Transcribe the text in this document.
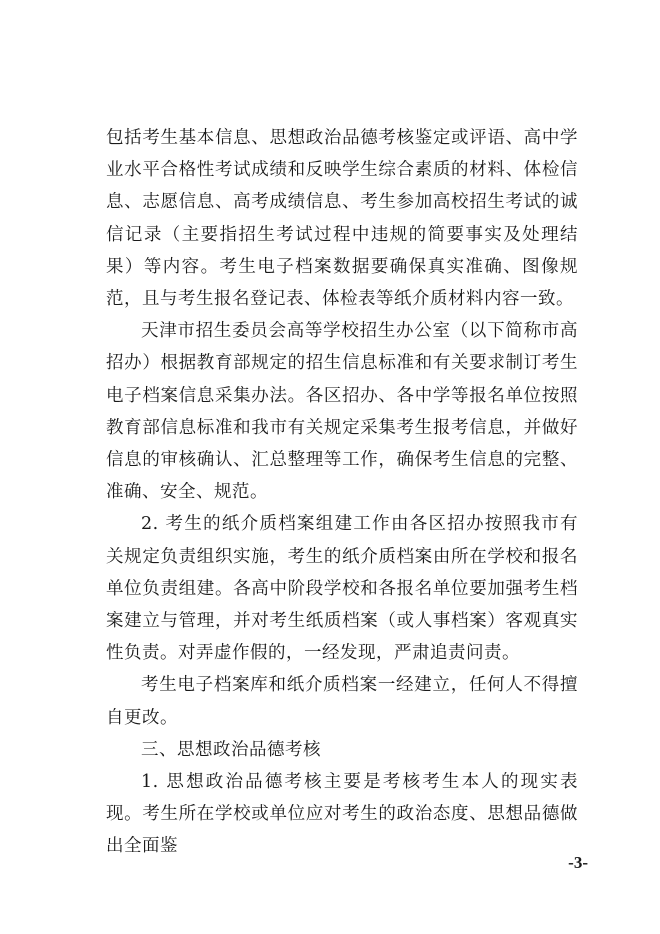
包括考生基本信息、思想政治品德考核鉴定或评语、高中学业水平合格性考试成绩和反映学生综合素质的材料、体检信息、志愿信息、高考成绩信息、考生参加高校招生考试的诚信记录（主要指招生考试过程中违规的简要事实及处理结果）等内容。考生电子档案数据要确保真实准确、图像规范，且与考生报名登记表、体检表等纸介质材料内容一致。

天津市招生委员会高等学校招生办公室（以下简称市高招办）根据教育部规定的招生信息标准和有关要求制订考生电子档案信息采集办法。各区招办、各中学等报名单位按照教育部信息标准和我市有关规定采集考生报考信息，并做好信息的审核确认、汇总整理等工作，确保考生信息的完整、准确、安全、规范。

2. 考生的纸介质档案组建工作由各区招办按照我市有关规定负责组织实施，考生的纸介质档案由所在学校和报名单位负责组建。各高中阶段学校和各报名单位要加强考生档案建立与管理，并对考生纸质档案（或人事档案）客观真实性负责。对弄虚作假的，一经发现，严肃追责问责。

考生电子档案库和纸介质档案一经建立，任何人不得擅自更改。

三、思想政治品德考核

1. 思想政治品德考核主要是考核考生本人的现实表现。考生所在学校或单位应对考生的政治态度、思想品德做出全面鉴

-3-
